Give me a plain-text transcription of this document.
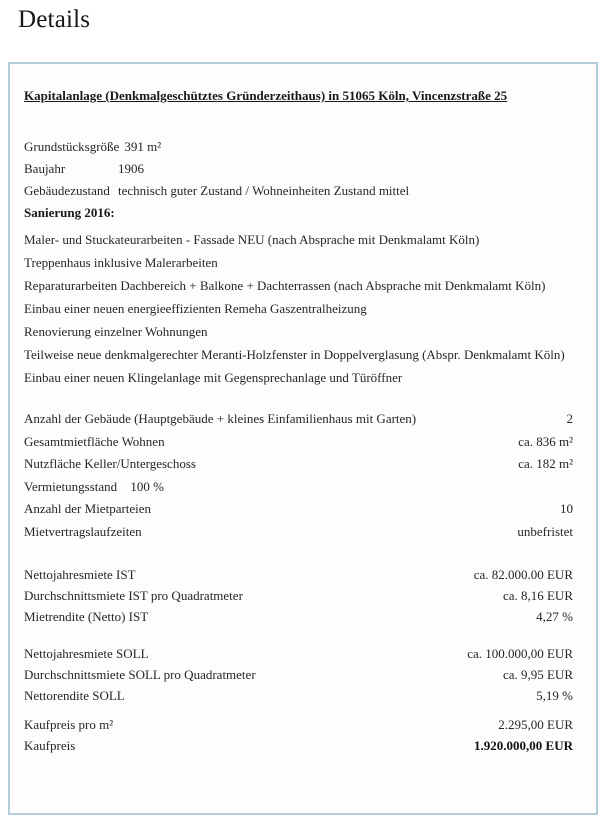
Details
Kapitalanlage (Denkmalgeschütztes Gründerzeithaus) in 51065 Köln, Vincenzstraße 25
Grundstücksgröße 391 m²
Baujahr	1906
Gebäudezustand technisch guter Zustand / Wohneinheiten Zustand mittel
Sanierung 2016:
Maler- und Stuckateurarbeiten - Fassade NEU (nach Absprache mit Denkmalamt Köln)
Treppenhaus inklusive Malerarbeiten
Reparaturarbeiten Dachbereich + Balkone + Dachterrassen (nach Absprache mit Denkmalamt Köln)
Einbau einer neuen energieeffizienten Remeha Gaszentralheizung
Renovierung einzelner Wohnungen
Teilweise neue denkmalgerechter Meranti-Holzfenster in Doppelverglasung (Abspr. Denkmalamt Köln)
Einbau einer neuen Klingelanlage mit Gegensprechanlage und Türöffner
Anzahl der Gebäude (Hauptgebäude + kleines Einfamilienhaus mit Garten)	2
Gesamtmietfläche Wohnen	ca. 836 m²
Nutzfläche Keller/Untergeschoss	ca. 182 m²
Vermietungsstand 100 %
Anzahl der Mietparteien	10
Mietvertragslaufzeiten	unbefristet
Nettojahresmiete IST	ca. 82.000.00 EUR
Durchschnittsmiete IST pro Quadratmeter	ca. 8,16 EUR
Mietrendite (Netto) IST	4,27 %
Nettojahresmiete SOLL	ca. 100.000,00 EUR
Durchschnittsmiete SOLL pro Quadratmeter	ca. 9,95 EUR
Nettorendite SOLL	5,19 %
Kaufpreis pro m²	2.295,00 EUR
Kaufpreis	1.920.000,00 EUR
